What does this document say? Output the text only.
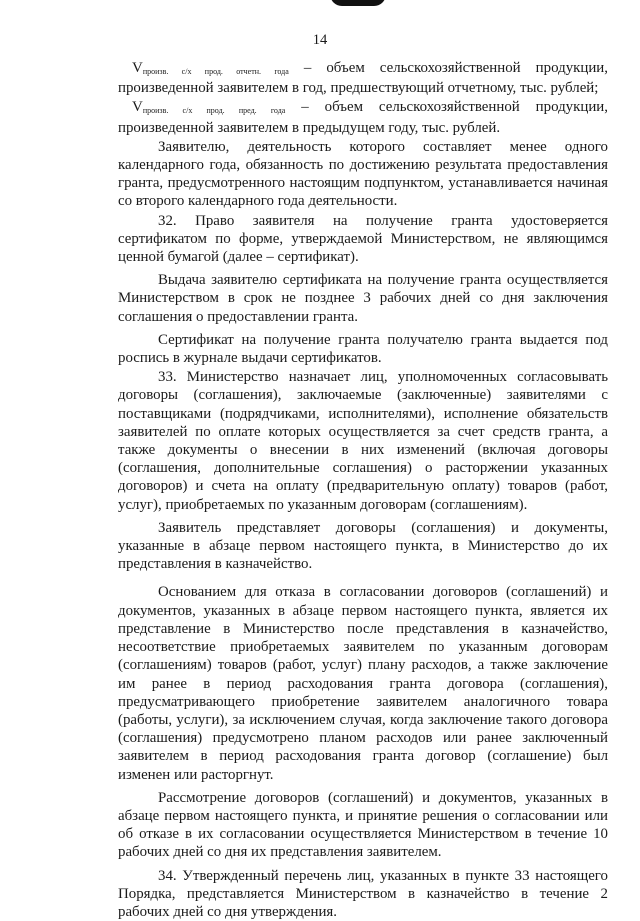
14

Vпроизв. с/х прод. отчетн. года – объем сельскохозяйственной продукции, произведенной заявителем в год, предшествующий отчетному, тыс. рублей;

Vпроизв. с/х прод. пред. года – объем сельскохозяйственной продукции, произведенной заявителем в предыдущем году, тыс. рублей.

Заявителю, деятельность которого составляет менее одного календарного года, обязанность по достижению результата предоставления гранта, предусмотренного настоящим подпунктом, устанавливается начиная со второго календарного года деятельности.

32. Право заявителя на получение гранта удостоверяется сертификатом по форме, утверждаемой Министерством, не являющимся ценной бумагой (далее – сертификат).

Выдача заявителю сертификата на получение гранта осуществляется Министерством в срок не позднее 3 рабочих дней со дня заключения соглашения о предоставлении гранта.

Сертификат на получение гранта получателю гранта выдается под роспись в журнале выдачи сертификатов.

33. Министерство назначает лиц, уполномоченных согласовывать договоры (соглашения), заключаемые (заключенные) заявителями с поставщиками (подрядчиками, исполнителями), исполнение обязательств заявителей по оплате которых осуществляется за счет средств гранта, а также документы о внесении в них изменений (включая договоры (соглашения, дополнительные соглашения) о расторжении указанных договоров) и счета на оплату (предварительную оплату) товаров (работ, услуг), приобретаемых по указанным договорам (соглашениям).

Заявитель представляет договоры (соглашения) и документы, указанные в абзаце первом настоящего пункта, в Министерство до их представления в казначейство.

Основанием для отказа в согласовании договоров (соглашений) и документов, указанных в абзаце первом настоящего пункта, является их представление в Министерство после представления в казначейство, несоответствие приобретаемых заявителем по указанным договорам (соглашениям) товаров (работ, услуг) плану расходов, а также заключение им ранее в период расходования гранта договора (соглашения), предусматривающего приобретение заявителем аналогичного товара (работы, услуги), за исключением случая, когда заключение такого договора (соглашения) предусмотрено планом расходов или ранее заключенный заявителем в период расходования гранта договор (соглашение) был изменен или расторгнут.

Рассмотрение договоров (соглашений) и документов, указанных в абзаце первом настоящего пункта, и принятие решения о согласовании или об отказе в их согласовании осуществляется Министерством в течение 10 рабочих дней со дня их представления заявителем.

34. Утвержденный перечень лиц, указанных в пункте 33 настоящего Порядка, представляется Министерством в казначейство в течение 2 рабочих дней со дня утверждения.
